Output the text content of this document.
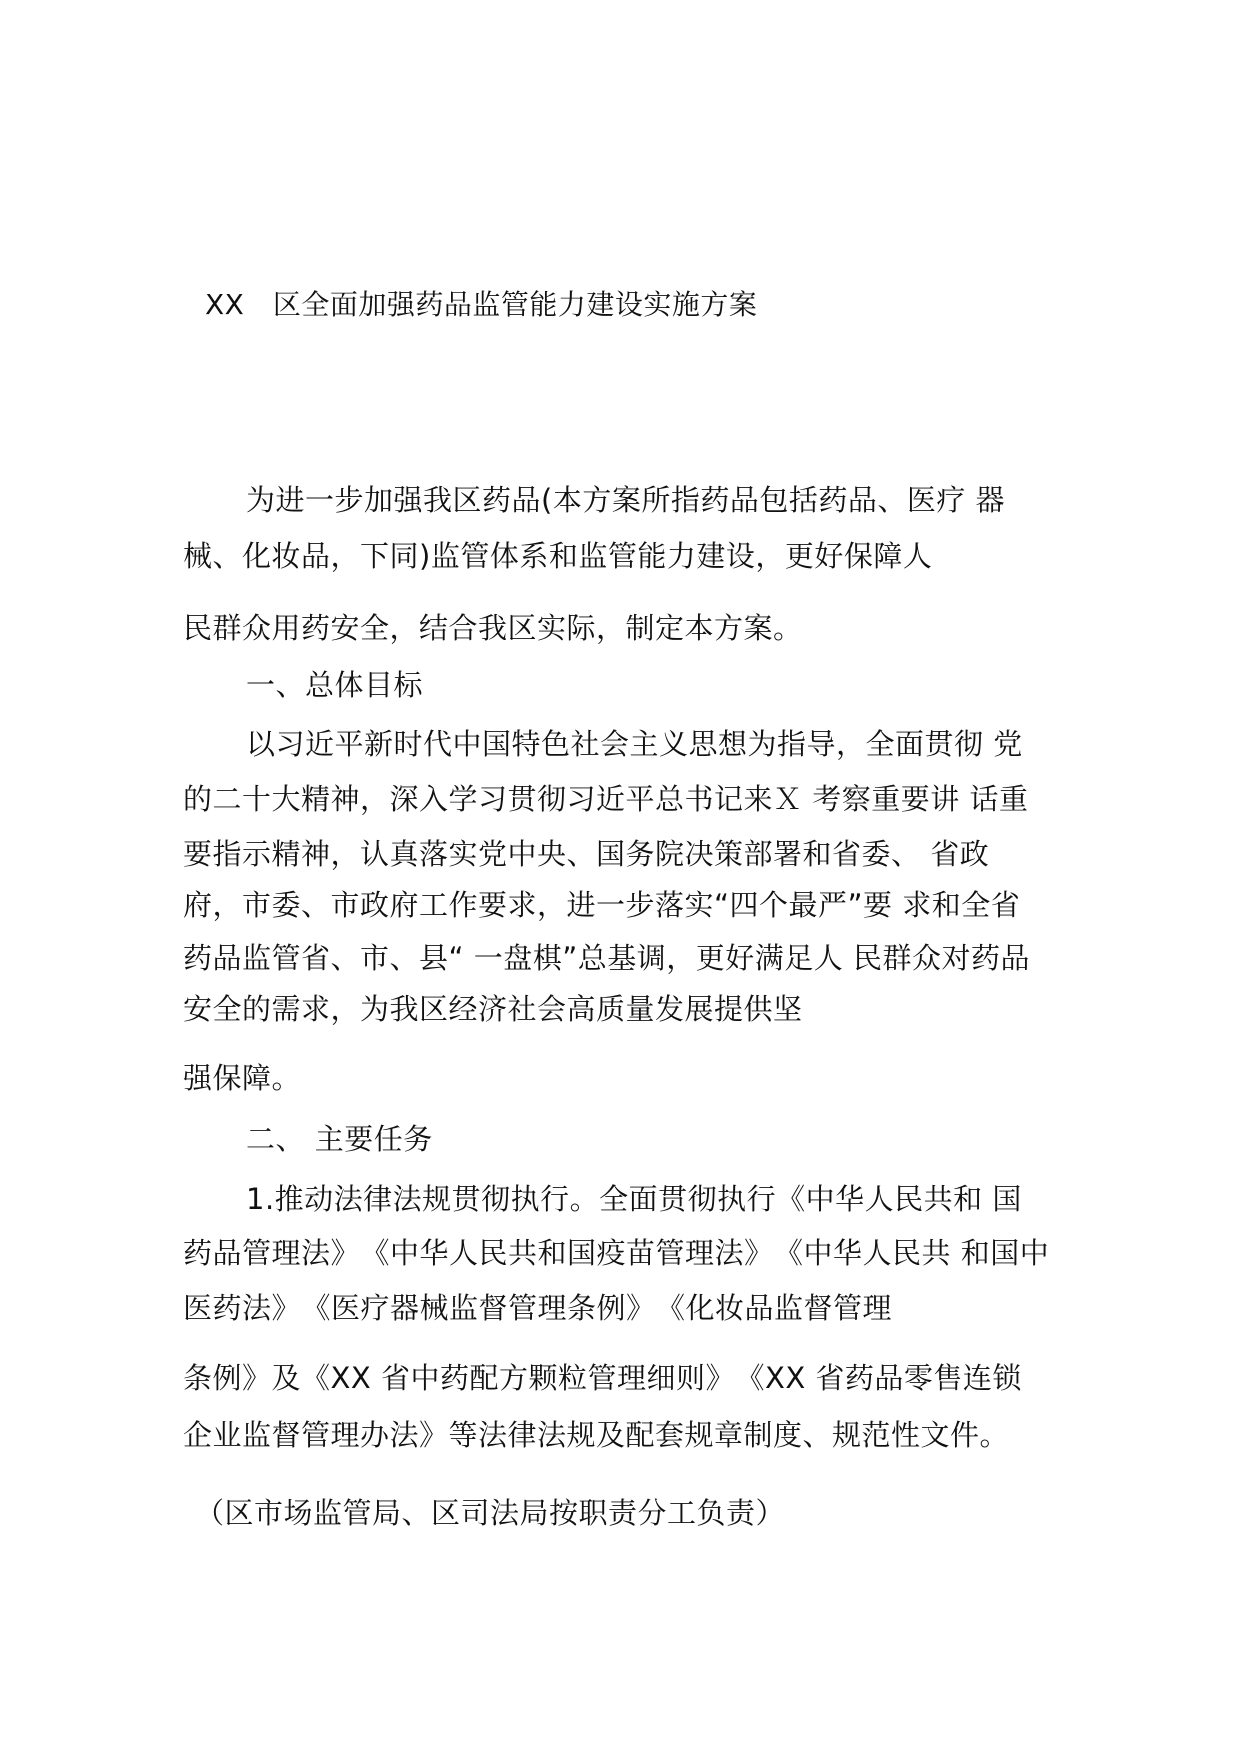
XX　区全面加强药品监管能力建设实施方案
为进一步加强我区药品(本方案所指药品包括药品、医疗 器
械、化妆品，下同)监管体系和监管能力建设，更好保障人
民群众用药安全，结合我区实际，制定本方案。
一、总体目标
以习近平新时代中国特色社会主义思想为指导，全面贯彻 党
的二十大精神，深入学习贯彻习近平总书记来Ｘ 考察重要讲 话重
要指示精神，认真落实党中央、国务院决策部署和省委、 省政
府，市委、市政府工作要求，进一步落实“四个最严”要 求和全省
药品监管省、市、县“ 一盘棋”总基调，更好满足人 民群众对药品
安全的需求，为我区经济社会高质量发展提供坚
强保障。
二、 主要任务
1.推动法律法规贯彻执行。全面贯彻执行《中华人民共和 国
药品管理法》　《中华人民共和国疫苗管理法》　《中华人民共 和国中
医药法》　《医疗器械监督管理条例》　《化妆品监督管理
条例》及《XX 省中药配方颗粒管理细则》　《XX 省药品零售连锁
企业监督管理办法》等法律法规及配套规章制度、规范性文件。
（区市场监管局、区司法局按职责分工负责）
